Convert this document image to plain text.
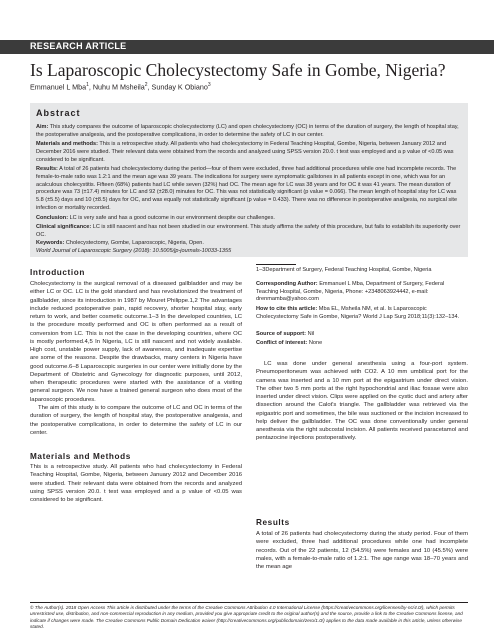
RESEARCH ARTICLE
Is Laparoscopic Cholecystectomy Safe in Gombe, Nigeria?
Emmanuel L Mba$^1$, Nuhu M Msheila$^2$, Sunday K Obiano$^3$
Abstract
Aim: This study compares the outcome of laparoscopic cholecystectomy (LC) and open cholecystectomy (OC) in terms of the duration of surgery, the length of hospital stay, the postoperative analgesia, and the postoperative complications, in order to determine the safety of LC in our center.
Materials and methods: This is a retrospective study. All patients who had cholecystectomy in Federal Teaching Hospital, Gombe, Nigeria, between January 2012 and December 2016 were studied. Their relevant data were obtained from the records and analyzed using SPSS version 20.0. t test was employed and a p value of <0.05 was considered to be significant.
Results: A total of 26 patients had cholecystectomy during the period—four of them were excluded, three had additional procedures while one had incomplete records. The female-to-male ratio was 1.2:1 and the mean age was 39 years. The indications for surgery were symptomatic gallstones in all patients except in one, which was for an acalculous cholecystitis. Fifteen (68%) patients had LC while seven (32%) had OC. The mean age for LC was 38 years and for OC it was 41 years. The mean duration of procedure was 73 (±17.4) minutes for LC and 92 (±28.0) minutes for OC. This was not statistically significant (p value = 0.066). The mean length of hospital stay for LC was 5.8 (±5.5) days and 10 (±8.5) days for OC, and was equally not statistically significant (p value = 0.433). There was no difference in postoperative analgesia, no surgical site infection or mortality recorded.
Conclusion: LC is very safe and has a good outcome in our environment despite our challenges.
Clinical significance: LC is still nascent and has not been studied in our environment. This study affirms the safety of this procedure, but fails to establish its superiority over OC.
Keywords: Cholecystectomy, Gombe, Laparoscopic, Nigeria, Open.
World Journal of Laparoscopic Surgery (2018): 10.5005/jp-journals-10033-1355
Introduction
Cholecystectomy is the surgical removal of a diseased gallbladder and may be either LC or OC. LC is the gold standard and has revolutionized the treatment of gallbladder, since its introduction in 1987 by Mouret Philippe.1,2 The advantages include reduced postoperative pain, rapid recovery, shorter hospital stay, early return to work, and better cosmetic outcome.1–3 In the developed countries, LC is the procedure mostly performed and OC is often performed as a result of conversion from LC. This is not the case in the developing countries, where OC is mostly performed.4,5 In Nigeria, LC is still nascent and not widely available. High cost, unstable power supply, lack of awareness, and inadequate expertise are some of the reasons. Despite the drawbacks, many centers in Nigeria have good outcome.6–8 Laparoscopic surgeries in our center were initially done by the Department of Obstetric and Gynecology for diagnostic purposes, until 2012, when therapeutic procedures were started with the assistance of a visiting general surgeon. We now have a trained general surgeon who does most of the laparoscopic procedures.
The aim of this study is to compare the outcome of LC and OC in terms of the duration of surgery, the length of hospital stay, the postoperative analgesia, and the postoperative complications, in order to determine the safety of LC in our center.
Materials and Methods
This is a retrospective study. All patients who had cholecystectomy in Federal Teaching Hospital, Gombe, Nigeria, between January 2012 and December 2016 were studied. Their relevant data were obtained from the records and analyzed using SPSS version 20.0. t test was employed and a p value of <0.05 was considered to be significant.
1–3Department of Surgery, Federal Teaching Hospital, Gombe, Nigeria
Corresponding Author: Emmanuel L Mba, Department of Surgery, Federal Teaching Hospital, Gombe, Nigeria, Phone: +2348063924442, e-mail: drenmamba@yahoo.com
How to cite this article: Mba EL, Msheila NM, et al. Is Laparoscopic Cholecystectomy Safe in Gombe, Nigeria? World J Lap Surg 2018;11(3):132–134.
Source of support: Nil
Conflict of interest: None
LC was done under general anesthesia using a four-port system. Pneumoperitoneum was achieved with CO2. A 10 mm umbilical port for the camera was inserted and a 10 mm port at the epigastrium under direct vision. The other two 5 mm ports at the right hypochondrial and iliac fossae were also inserted under direct vision. Clips were applied on the cystic duct and artery after dissection around the Calot's triangle. The gallbladder was retrieved via the epigastric port and sometimes, the bile was suctioned or the incision increased to help deliver the gallbladder. The OC was done conventionally under general anesthesia via the right subcostal incision. All patients received paracetamol and pentazocine injections postoperatively.
Results
A total of 26 patients had cholecystectomy during the study period. Four of them were excluded, three had additional procedures while one had incomplete records. Out of the 22 patients, 12 (54.5%) were females and 10 (45.5%) were males, with a female-to-male ratio of 1.2:1. The age range was 18–70 years and the mean age
© The Author(s). 2018 Open Access This article is distributed under the terms of the Creative Commons Attribution 4.0 International License (https://creativecommons.org/licenses/by-nc/4.0/), which permits unrestricted use, distribution, and non-commercial reproduction in any medium, provided you give appropriate credit to the original author(s) and the source, provide a link to the Creative Commons license, and indicate if changes were made. The Creative Commons Public Domain Dedication waiver (http://creativecommons.org/publicdomain/zero/1.0/) applies to the data made available in this article, unless otherwise stated.
